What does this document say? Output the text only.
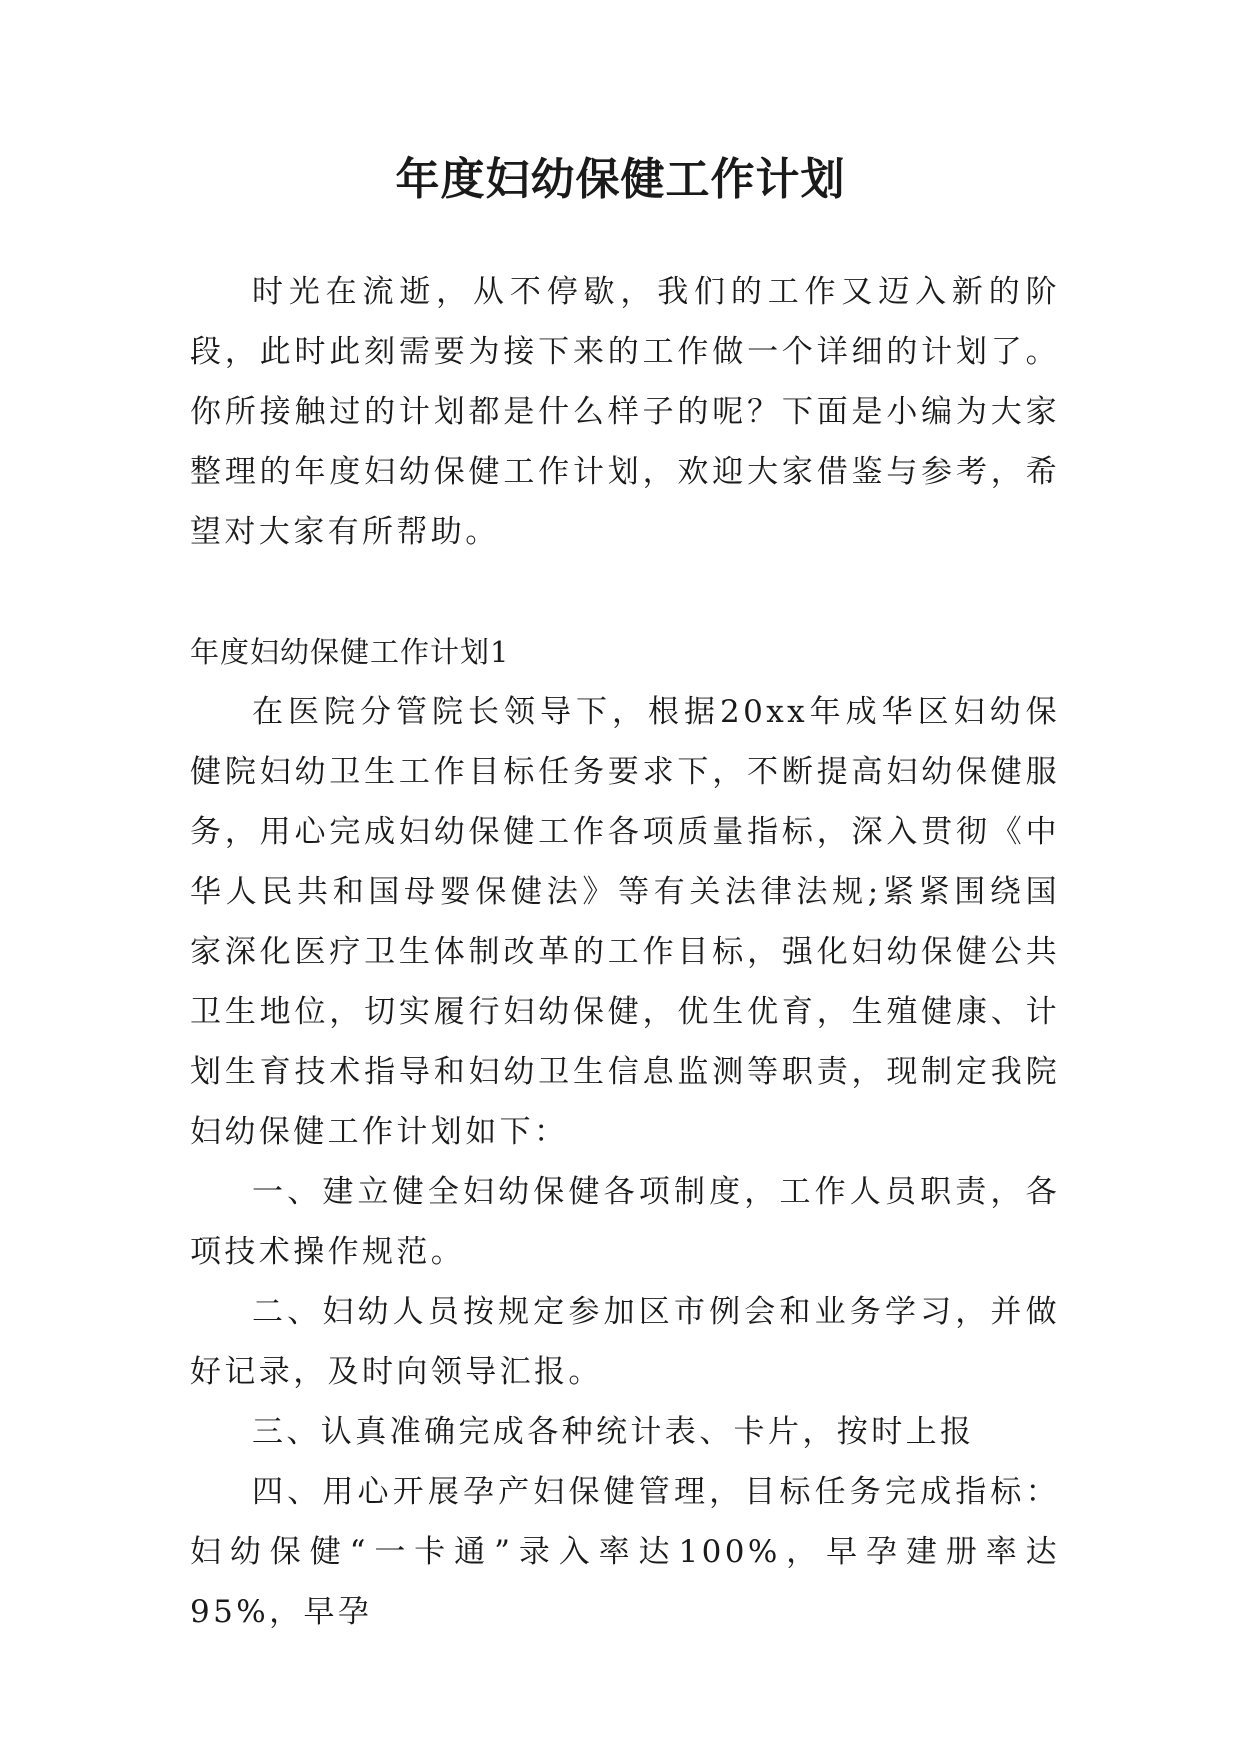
年度妇幼保健工作计划

时光在流逝，从不停歇，我们的工作又迈入新的阶段，此时此刻需要为接下来的工作做一个详细的计划了。你所接触过的计划都是什么样子的呢？下面是小编为大家整理的年度妇幼保健工作计划，欢迎大家借鉴与参考，希望对大家有所帮助。

年度妇幼保健工作计划1

在医院分管院长领导下，根据20xx年成华区妇幼保健院妇幼卫生工作目标任务要求下，不断提高妇幼保健服务，用心完成妇幼保健工作各项质量指标，深入贯彻《中华人民共和国母婴保健法》等有关法律法规;紧紧围绕国家深化医疗卫生体制改革的工作目标，强化妇幼保健公共卫生地位，切实履行妇幼保健，优生优育，生殖健康、计划生育技术指导和妇幼卫生信息监测等职责，现制定我院妇幼保健工作计划如下：

一、建立健全妇幼保健各项制度，工作人员职责，各项技术操作规范。

二、妇幼人员按规定参加区市例会和业务学习，并做好记录，及时向领导汇报。

三、认真准确完成各种统计表、卡片，按时上报

四、用心开展孕产妇保健管理，目标任务完成指标：妇幼保健“一卡通”录入率达100%，早孕建册率达95%，早孕
